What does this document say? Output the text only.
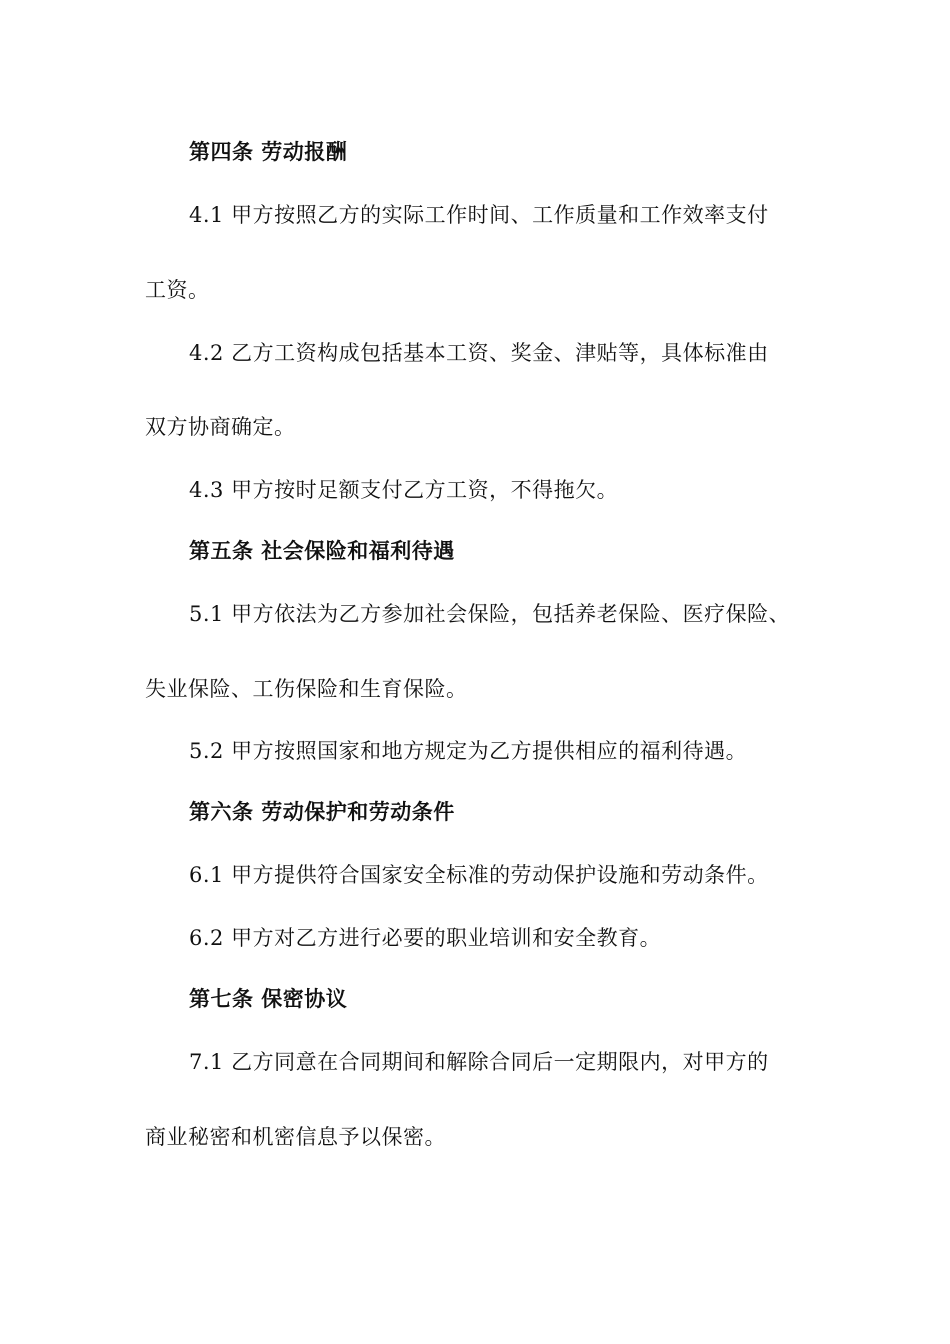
第四条 劳动报酬
4.1 甲方按照乙方的实际工作时间、工作质量和工作效率支付
工资。
4.2 乙方工资构成包括基本工资、奖金、津贴等，具体标准由
双方协商确定。
4.3 甲方按时足额支付乙方工资，不得拖欠。
第五条 社会保险和福利待遇
5.1 甲方依法为乙方参加社会保险，包括养老保险、医疗保险、
失业保险、工伤保险和生育保险。
5.2 甲方按照国家和地方规定为乙方提供相应的福利待遇。
第六条 劳动保护和劳动条件
6.1 甲方提供符合国家安全标准的劳动保护设施和劳动条件。
6.2 甲方对乙方进行必要的职业培训和安全教育。
第七条 保密协议
7.1 乙方同意在合同期间和解除合同后一定期限内，对甲方的
商业秘密和机密信息予以保密。
